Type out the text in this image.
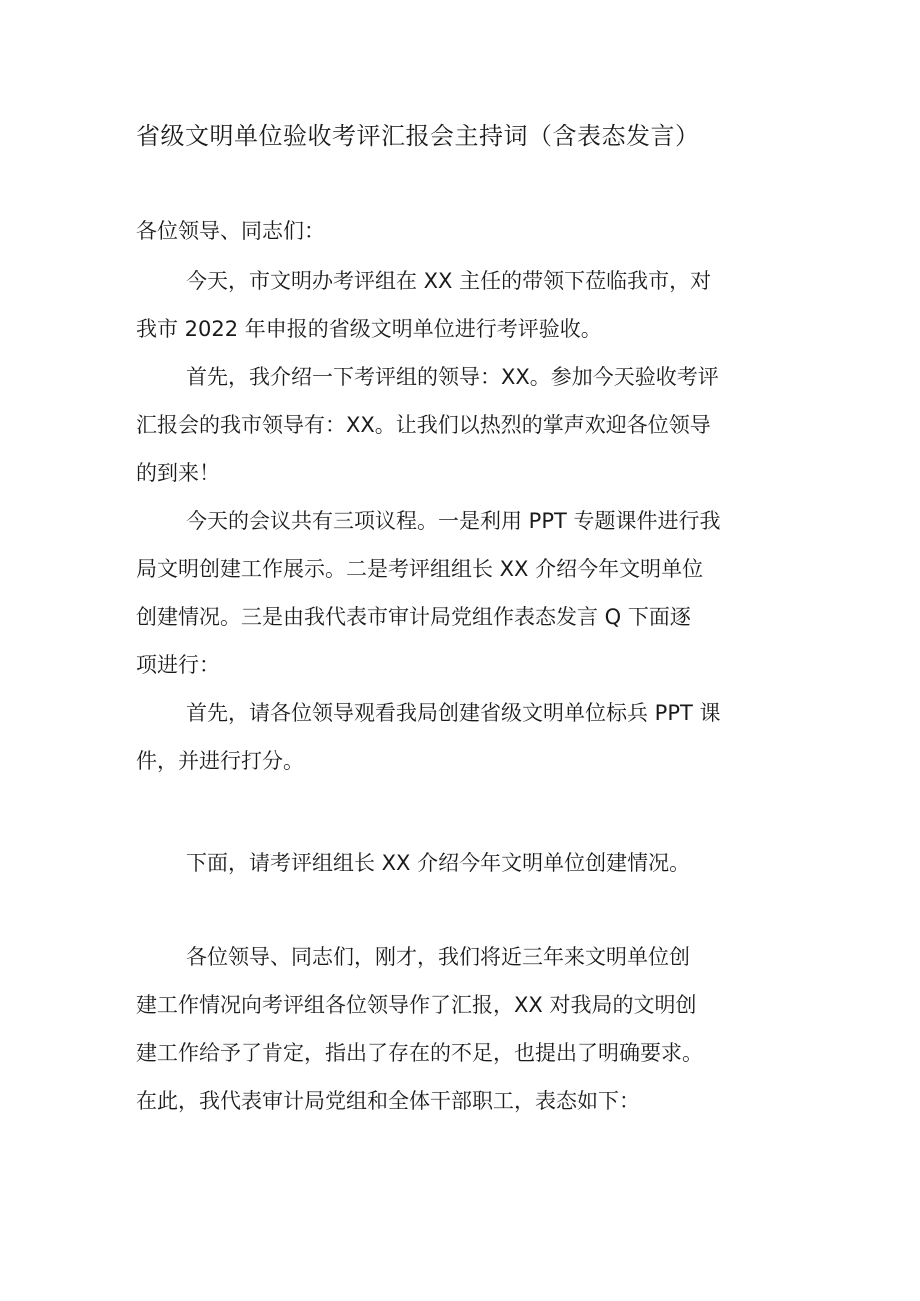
省级文明单位验收考评汇报会主持词（含表态发言）

各位领导、同志们：

今天，市文明办考评组在 XX 主任的带领下莅临我市，对

我市 2022 年申报的省级文明单位进行考评验收。

首先，我介绍一下考评组的领导：XX。参加今天验收考评

汇报会的我市领导有：XX。让我们以热烈的掌声欢迎各位领导

的到来！

今天的会议共有三项议程。一是利用 PPT 专题课件进行我

局文明创建工作展示。二是考评组组长 XX 介绍今年文明单位

创建情况。三是由我代表市审计局党组作表态发言 Q 下面逐

项进行：

首先，请各位领导观看我局创建省级文明单位标兵 PPT 课

件，并进行打分。

下面，请考评组组长 XX 介绍今年文明单位创建情况。

各位领导、同志们，刚才，我们将近三年来文明单位创

建工作情况向考评组各位领导作了汇报，XX 对我局的文明创

建工作给予了肯定，指出了存在的不足，也提出了明确要求。

在此，我代表审计局党组和全体干部职工，表态如下：
